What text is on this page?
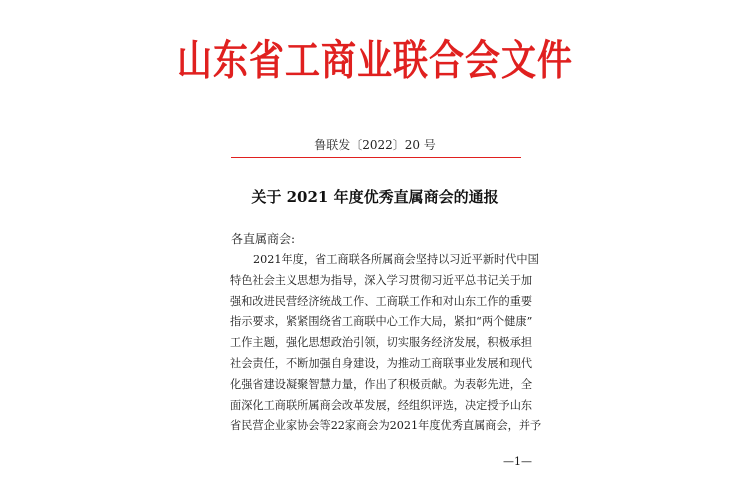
山东省工商业联合会文件
鲁联发〔2022〕20 号
关于 2021 年度优秀直属商会的通报
各直属商会:
2021年度，省工商联各所属商会坚持以习近平新时代中国
特色社会主义思想为指导，深入学习贯彻习近平总书记关于加
强和改进民营经济统战工作、工商联工作和对山东工作的重要
指示要求，紧紧围绕省工商联中心工作大局，紧扣“两个健康”
工作主题，强化思想政治引领，切实服务经济发展，积极承担
社会责任，不断加强自身建设，为推动工商联事业发展和现代
化强省建设凝聚智慧力量，作出了积极贡献。为表彰先进，全
面深化工商联所属商会改革发展，经组织评选，决定授予山东
省民营企业家协会等22家商会为2021年度优秀直属商会，并予
—1—
